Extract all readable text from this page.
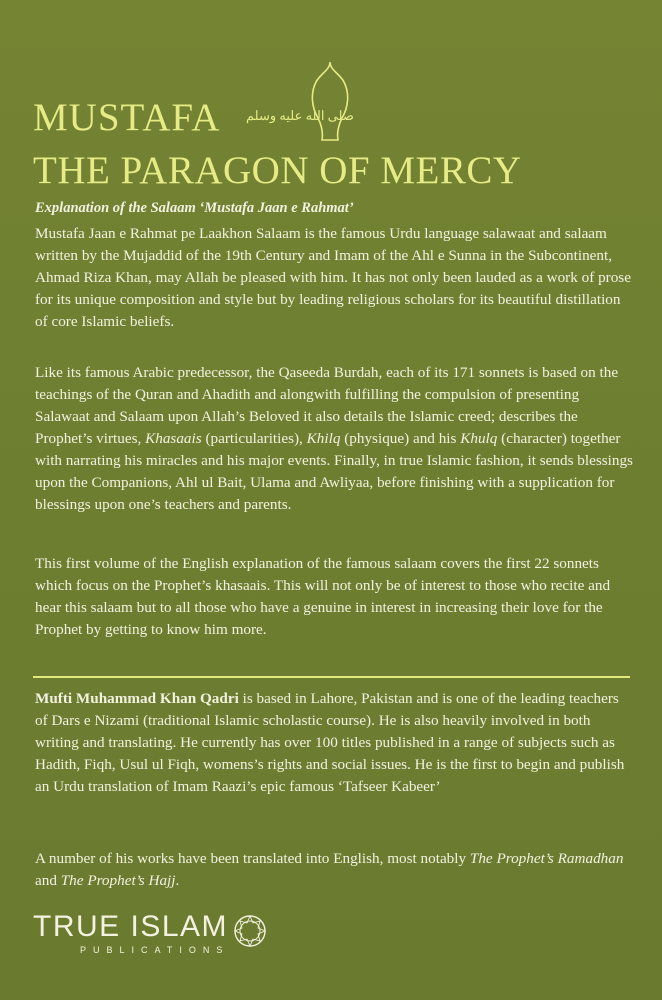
MUSTAFA صلى الله عليه وسلم
THE PARAGON OF MERCY

Explanation of the Salaam ‘Mustafa Jaan e Rahmat’

Mustafa Jaan e Rahmat pe Laakhon Salaam is the famous Urdu language salawaat and salaam written by the Mujaddid of the 19th Century and Imam of the Ahl e Sunna in the Subcontinent, Ahmad Riza Khan, may Allah be pleased with him. It has not only been lauded as a work of prose for its unique composition and style but by leading religious scholars for its beautiful distillation of core Islamic beliefs.

Like its famous Arabic predecessor, the Qaseeda Burdah, each of its 171 sonnets is based on the teachings of the Quran and Ahadith and alongwith fulfilling the compulsion of presenting Salawaat and Salaam upon Allah’s Beloved it also details the Islamic creed; describes the Prophet’s virtues, Khasaais (particularities), Khilq (physique) and his Khulq (character) together with narrating his miracles and his major events. Finally, in true Islamic fashion, it sends blessings upon the Companions, Ahl ul Bait, Ulama and Awliyaa, before finishing with a supplication for blessings upon one’s teachers and parents.

This first volume of the English explanation of the famous salaam covers the first 22 sonnets which focus on the Prophet’s khasaais. This will not only be of interest to those who recite and hear this salaam but to all those who have a genuine in interest in increasing their love for the Prophet by getting to know him more.

Mufti Muhammad Khan Qadri is based in Lahore, Pakistan and is one of the leading teachers of Dars e Nizami (traditional Islamic scholastic course). He is also heavily involved in both writing and translating. He currently has over 100 titles published in a range of subjects such as Hadith, Fiqh, Usul ul Fiqh, womens’s rights and social issues. He is the first to begin and publish an Urdu translation of Imam Raazi’s epic famous ‘Tafseer Kabeer’

A number of his works have been translated into English, most notably The Prophet’s Ramadhan and The Prophet’s Hajj.

TRUE ISLAM
PUBLICATIONS
